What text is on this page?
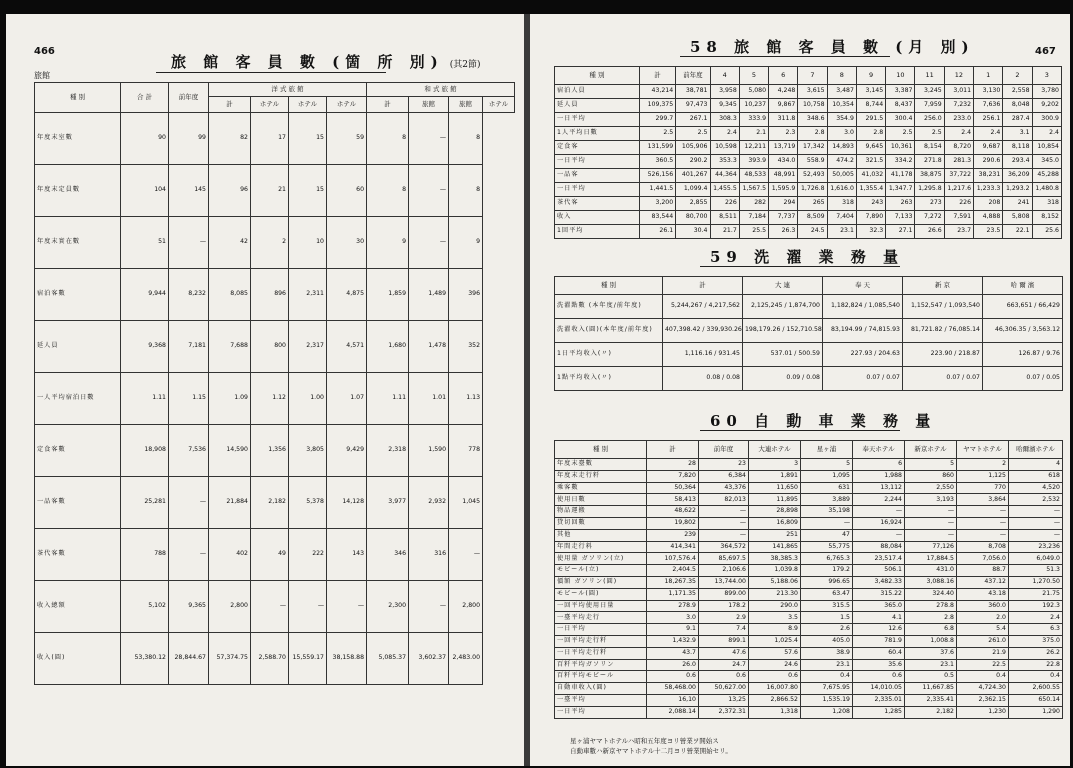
466
旅館
旅 館 客 員 數 (箇 所 別) (其2節)
種 別	合 計	前年度	洋 式 旅 館				和 式 旅 館			
			計	ホテル	ホテル	ホテル	計	旅館	旅館	ホテル
年度末室數	90	99	82	17	15	59	8	—	8	
年度末定員數	104	145	96	21	15	60	8	—	8	
年度末實在數	51	—	42	2	10	30	9	—	9	
宿泊客數	9,944	8,232	8,085	896	2,311	4,875	1,859	1,489	396	
延人員	9,368	7,181	7,688	800	2,317	4,571	1,680	1,478	352	
一人平均宿泊日數	1.11	1.15	1.09	1.12	1.00	1.07	1.11	1.01	1.13	
定食客數	18,908	7,536	14,590	1,356	3,805	9,429	2,318	1,590	778	
一品客數	25,281	—	21,884	2,182	5,378	14,128	3,977	2,932	1,045	
茶代客數	788	—	402	49	222	143	346	316	—	
收入總額	5,102	9,365	2,800	—	—	—	2,300	—	2,800	
收入(圓)	53,380.12	28,844.67	57,374.75	2,588.70	15,559.17	38,158.88	5,085.37	3,602.37	2,483.00	
467
58 旅 館 客 員 數 (月 別)
種 別	計	前年度	4	5	6	7	8	9	10	11	12	1	2	3
宿泊人員	43,214	38,781	3,958	5,080	4,248	3,615	3,487	3,145	3,387	3,245	3,011	3,130	2,558	3,780
延人員	109,375	97,473	9,345	10,237	9,867	10,758	10,354	8,744	8,437	7,959	7,232	7,636	8,048	9,202
一日平均	299.7	267.1	308.3	333.9	311.8	348.6	354.9	291.5	300.4	256.0	233.0	256.1	287.4	300.9
1人平均日數	2.5	2.5	2.4	2.1	2.3	2.8	3.0	2.8	2.5	2.5	2.4	2.4	3.1	2.4
定食客	131,599	105,906	10,598	12,211	13,719	17,342	14,893	9,645	10,361	8,154	8,720	9,687	8,118	10,854
一日平均	360.5	290.2	353.3	393.9	434.0	558.9	474.2	321.5	334.2	271.8	281.3	290.6	293.4	345.0
一品客	526,156	401,267	44,364	48,533	48,991	52,493	50,005	41,032	41,178	38,875	37,722	38,231	36,209	45,288
一日平均	1,441.5	1,099.4	1,455.5	1,567.5	1,595.9	1,726.8	1,616.0	1,355.4	1,347.7	1,295.8	1,217.6	1,233.3	1,293.2	1,480.8
茶代客	3,200	2,855	226	282	294	265	318	243	263	273	226	208	241	318
收入	83,544	80,700	8,511	7,184	7,737	8,509	7,404	7,890	7,133	7,272	7,591	4,888	5,808	8,152
1回平均	26.1	30.4	21.7	25.5	26.3	24.5	23.1	32.3	27.1	26.6	23.7	23.5	22.1	25.6
59 洗 濯 業 務 量
種 別	計	大 連	奉 天	新 京	哈 爾 濱
洗濯點數 (本年度/前年度)	5,244,267 / 4,217,562	2,125,245 / 1,874,700	1,182,824 / 1,085,540	1,152,547 / 1,093,540	663,651 / 66,429
洗濯收入(圓)(本年度/前年度)	407,398.42 / 339,930.26	198,179.26 / 152,710.58	83,194.99 / 74,815.93	81,721.82 / 76,085.14	46,306.35 / 3,563.12
1日平均收入(〃)	1,116.16 / 931.45	537.01 / 500.59	227.93 / 204.63	223.90 / 218.87	126.87 / 9.76
1點平均收入(〃)	0.08 / 0.08	0.09 / 0.08	0.07 / 0.07	0.07 / 0.07	0.07 / 0.05
60 自 動 車 業 務 量
種 別	計	前年度	大連ホテル	星ヶ浦	奉天ホテル	新京ホテル	ヤマトホテル	哈爾濱ホテル
年度末臺數	28	23	3	5	6	5	2	4
年度末走行粁	7,820	6,384	1,891	1,095	1,988	860	1,125	618
乘客數	50,364	43,376	11,650	631	13,112	2,550	770	4,520
使用日數	58,413	82,013	11,895	3,889	2,244	3,193	3,864	2,532
物品運搬	48,622	—	28,898	35,198	—	—	—	—
貸切回數	19,802	—	16,809	—	16,924	—	—	—
其他	239	—	251	47	—	—	—	—
年間走行料	414,341	364,572	141,865	55,775	88,084	77,126	8,708	23,236
使用量 ガソリン(立)	107,576.4	85,697.5	38,385.3	6,765.3	23,517.4	17,884.5	7,056.0	6,049.0
モビール(立)	2,404.5	2,106.6	1,039.8	179.2	506.1	431.0	88.7	51.3
價額 ガソリン(圓)	18,267.35	13,744.00	5,188.06	996.65	3,482.33	3,088.16	437.12	1,270.50
モビール(圓)	1,171.35	899.00	213.30	63.47	315.22	324.40	43.18	21.75
一回平均使用日量	278.9	178.2	290.0	315.5	365.0	278.8	360.0	192.3
一臺平均走行	3.0	2.9	3.5	1.5	4.1	2.8	2.0	2.4
一日平均	9.1	7.4	8.9	2.6	12.6	6.8	5.4	6.3
一回平均走行粁	1,432.9	899.1	1,025.4	405.0	781.9	1,008.8	261.0	375.0
一日平均走行粁	43.7	47.6	57.6	38.9	60.4	37.6	21.9	26.2
百粁平均ガソリン	26.0	24.7	24.6	23.1	35.6	23.1	22.5	22.8
百粁平均モビール	0.6	0.6	0.6	0.4	0.6	0.5	0.4	0.4
自動車收入(圓)	58,468.00	50,627.00	16,007.80	7,675.95	14,010.05	11,667.85	4,724.30	2,600.55
一臺平均	16,10	13,25	2,866.52	1,535.19	2,335.01	2,335.41	2,362.15	650.14
一日平均	2,088.14	2,372.31	1,318	1,208	1,285	2,182	1,230	1,290
星ヶ浦ヤマトホテルハ昭和五年度ヨリ營業ヲ開始ス
自動車數ハ新京ヤマトホテル十二月ヨリ營業開始セリ。
